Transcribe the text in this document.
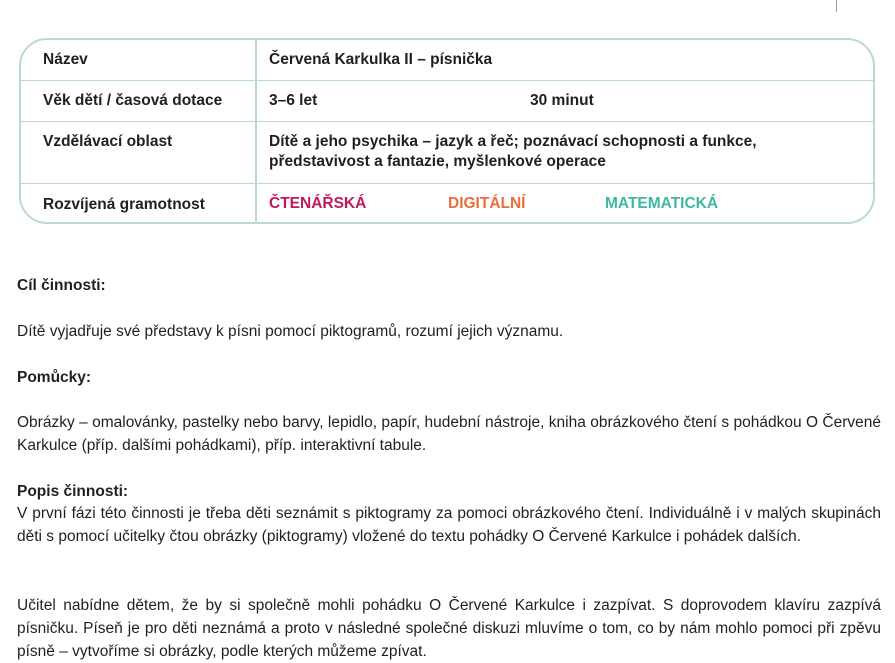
Název	Červená Karkulka II – písnička
Věk dětí / časová dotace	3–6 let	30 minut
Vzdělávací oblast	Dítě a jeho psychika – jazyk a řeč; poznávací schopnosti a funkce,
představivost a fantazie, myšlenkové operace
Rozvíjená gramotnost	ČTENÁŘSKÁ	DIGITÁLNÍ	MATEMATICKÁ
Cíl činnosti:
Dítě vyjadřuje své představy k písni pomocí piktogramů, rozumí jejich významu.
Pomůcky:
Obrázky – omalovánky, pastelky nebo barvy, lepidlo, papír, hudební nástroje, kniha obrázkového čtení s pohádkou O Červené Karkulce (příp. dalšími pohádkami), příp. interaktivní tabule.
Popis činnosti:
V první fázi této činnosti je třeba děti seznámit s piktogramy za pomoci obrázkového čtení. Individuálně i v malých skupinách děti s pomocí učitelky čtou obrázky (piktogramy) vložené do textu pohádky O Červené Karkulce i pohádek dalších.
Učitel nabídne dětem, že by si společně mohli pohádku O Červené Karkulce i zazpívat. S doprovodem klavíru zazpívá písničku. Píseň je pro děti neznámá a proto v následné společné diskuzi mluvíme o tom, co by nám mohlo pomoci při zpěvu písně – vytvoříme si obrázky, podle kterých můžeme zpívat.
